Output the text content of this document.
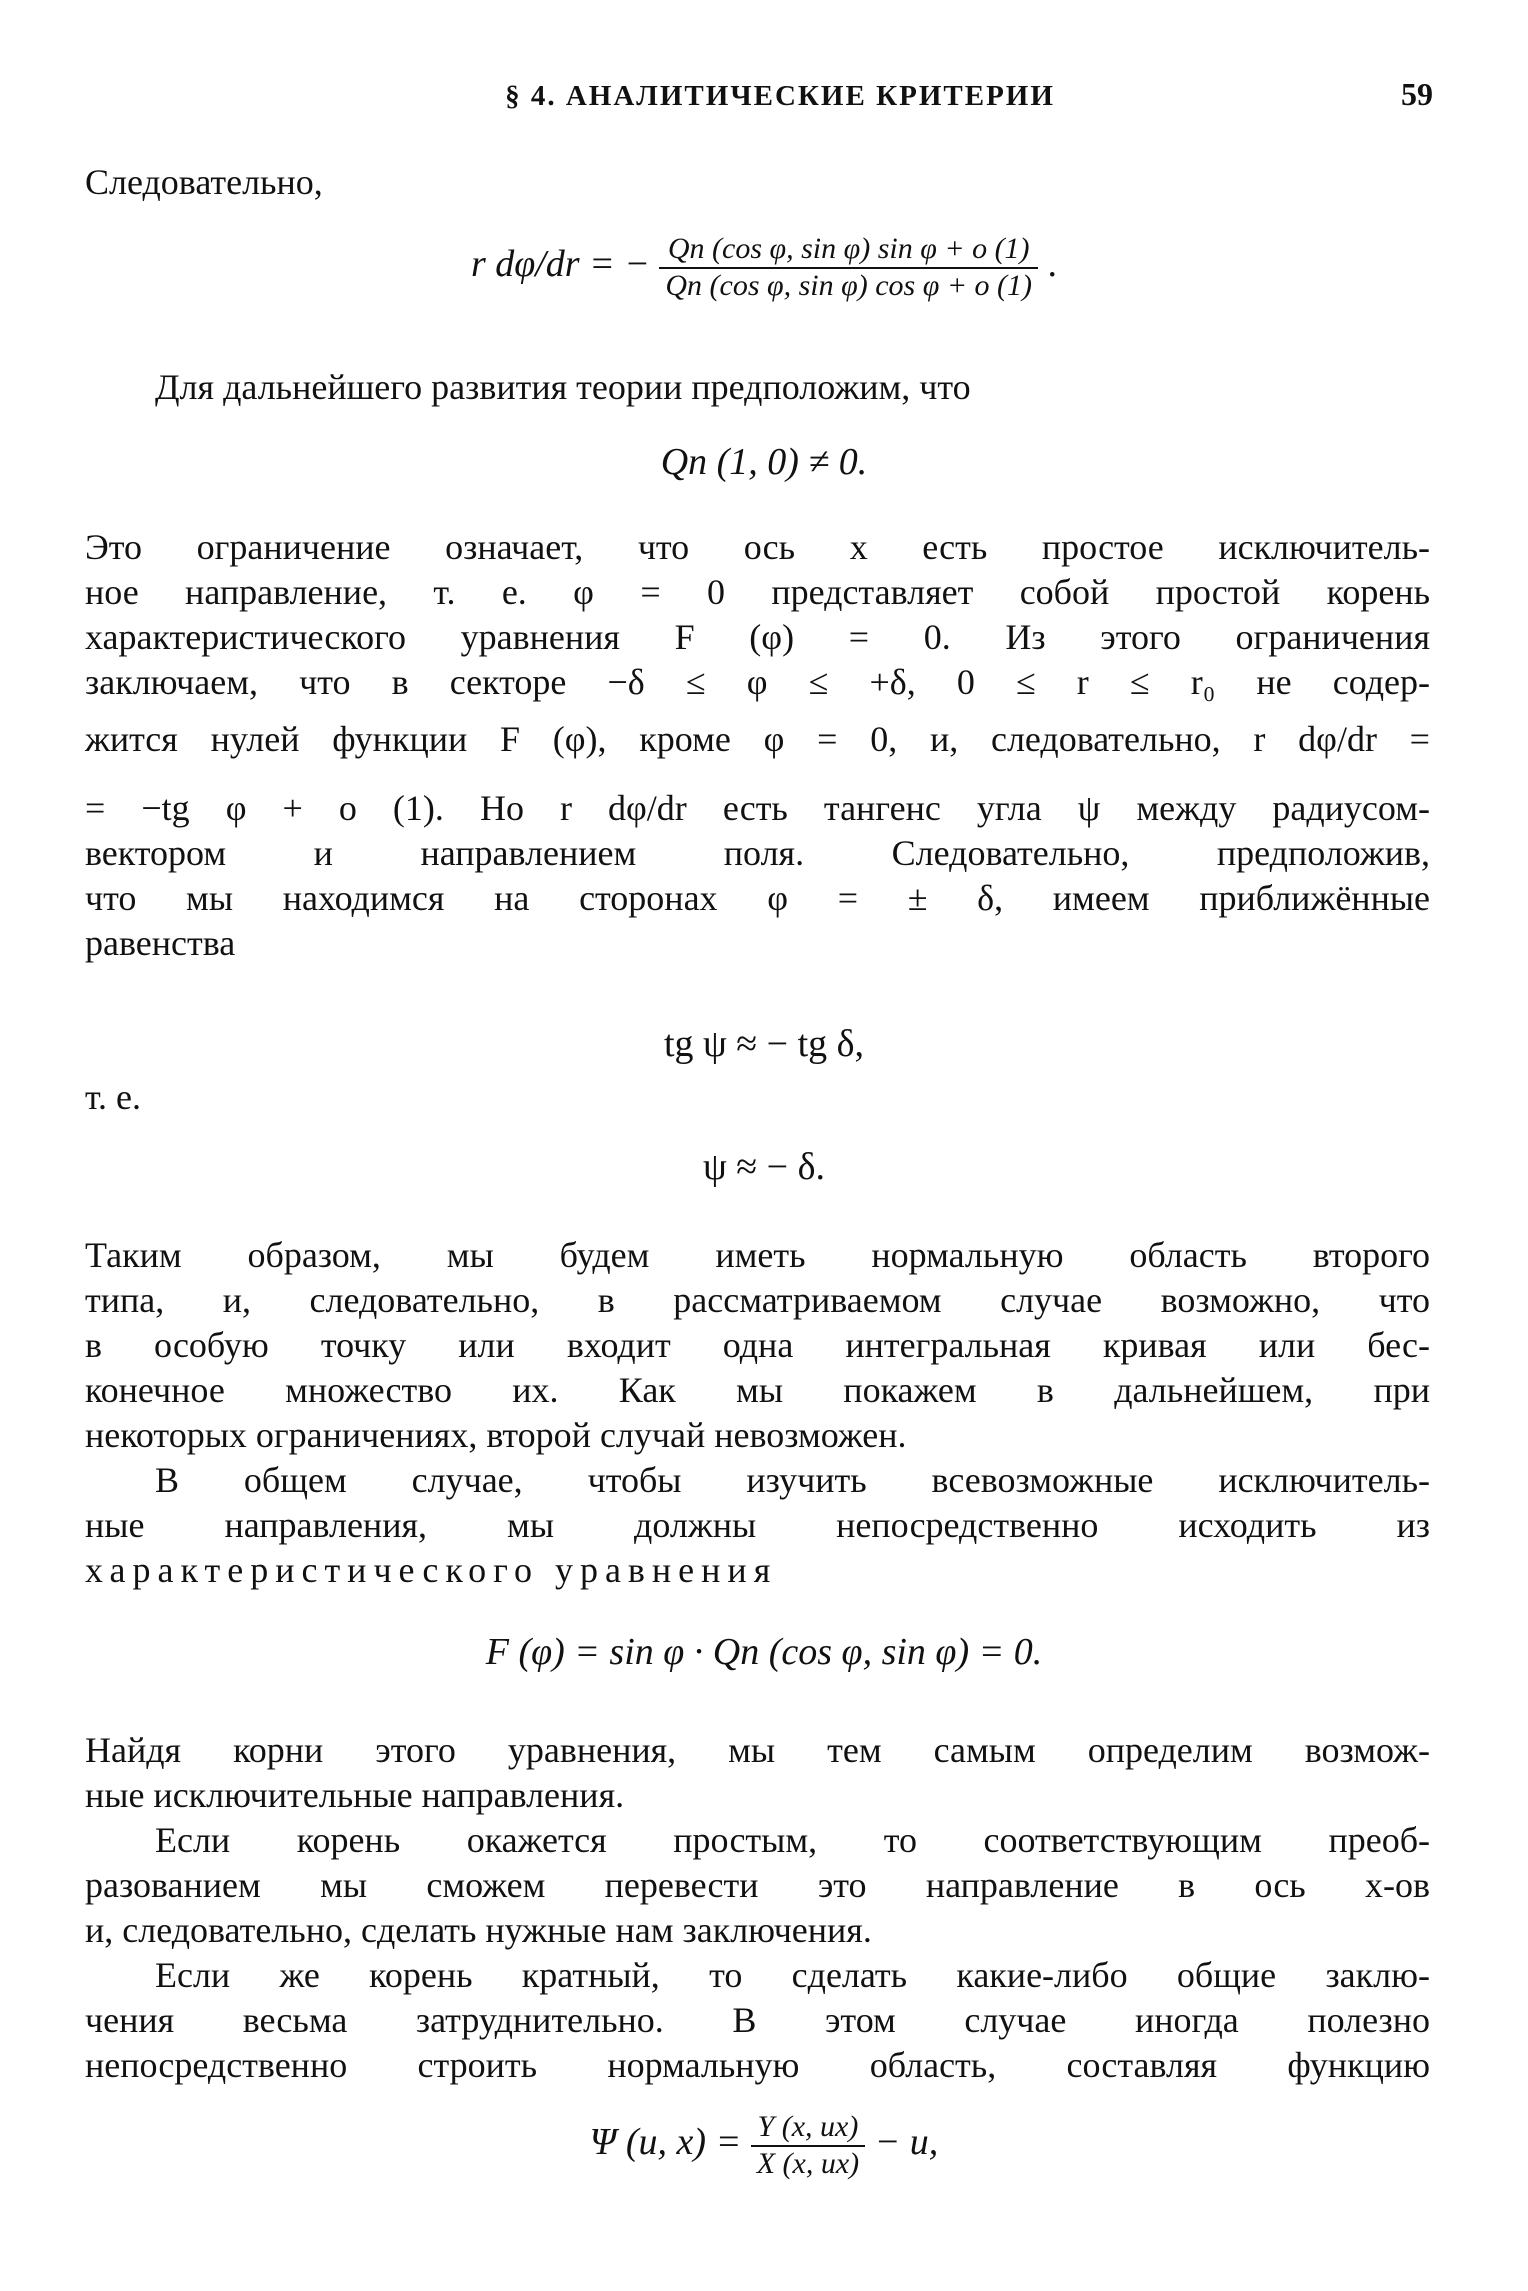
§ 4. АНАЛИТИЧЕСКИЕ КРИТЕРИИ	59
Следовательно,
r dφ/dr = − $\frac{\text{Qn (cos φ, sin φ) sin φ + o (1)}}{\text{Qn (cos φ, sin φ) cos φ + o (1)}}$ .
Для дальнейшего развития теории предположим, что
Qn (1, 0) ≠ 0.
Это ограничение означает, что ось x есть простое исключитель-
ное направление, т. е. φ = 0 представляет собой простой корень
характеристического уравнения F (φ) = 0. Из этого ограничения
заключаем, что в секторе −δ ≤ φ ≤ +δ, 0 ≤ r ≤ r₀ не содер-
жится нулей функции F (φ), кроме φ = 0, и, следовательно, r dφ/dr =
= −tg φ + o (1). Но r dφ/dr есть тангенс угла ψ между радиусом-
вектором и направлением поля. Следовательно, предположив,
что мы находимся на сторонах φ = ± δ, имеем приближённые
равенства
tg ψ ≈ − tg δ,
т. е.
ψ ≈ − δ.
Таким образом, мы будем иметь нормальную область второго
типа, и, следовательно, в рассматриваемом случае возможно, что
в особую точку или входит одна интегральная кривая или бес-
конечное множество их. Как мы покажем в дальнейшем, при
некоторых ограничениях, второй случай невозможен.
В общем случае, чтобы изучить всевозможные исключитель-
ные направления, мы должны непосредственно исходить из
характеристического уравнения
F (φ) = sin φ · Qn (cos φ, sin φ) = 0.
Найдя корни этого уравнения, мы тем самым определим возмож-
ные исключительные направления.
Если корень окажется простым, то соответствующим преоб-
разованием мы сможем перевести это направление в ось x-ов
и, следовательно, сделать нужные нам заключения.
Если же корень кратный, то сделать какие-либо общие заклю-
чения весьма затруднительно. В этом случае иногда полезно
непосредственно строить нормальную область, составляя функцию
Ψ (u, $x) = \frac{Y (x, ux)}{X (x, ux)} - u$,
